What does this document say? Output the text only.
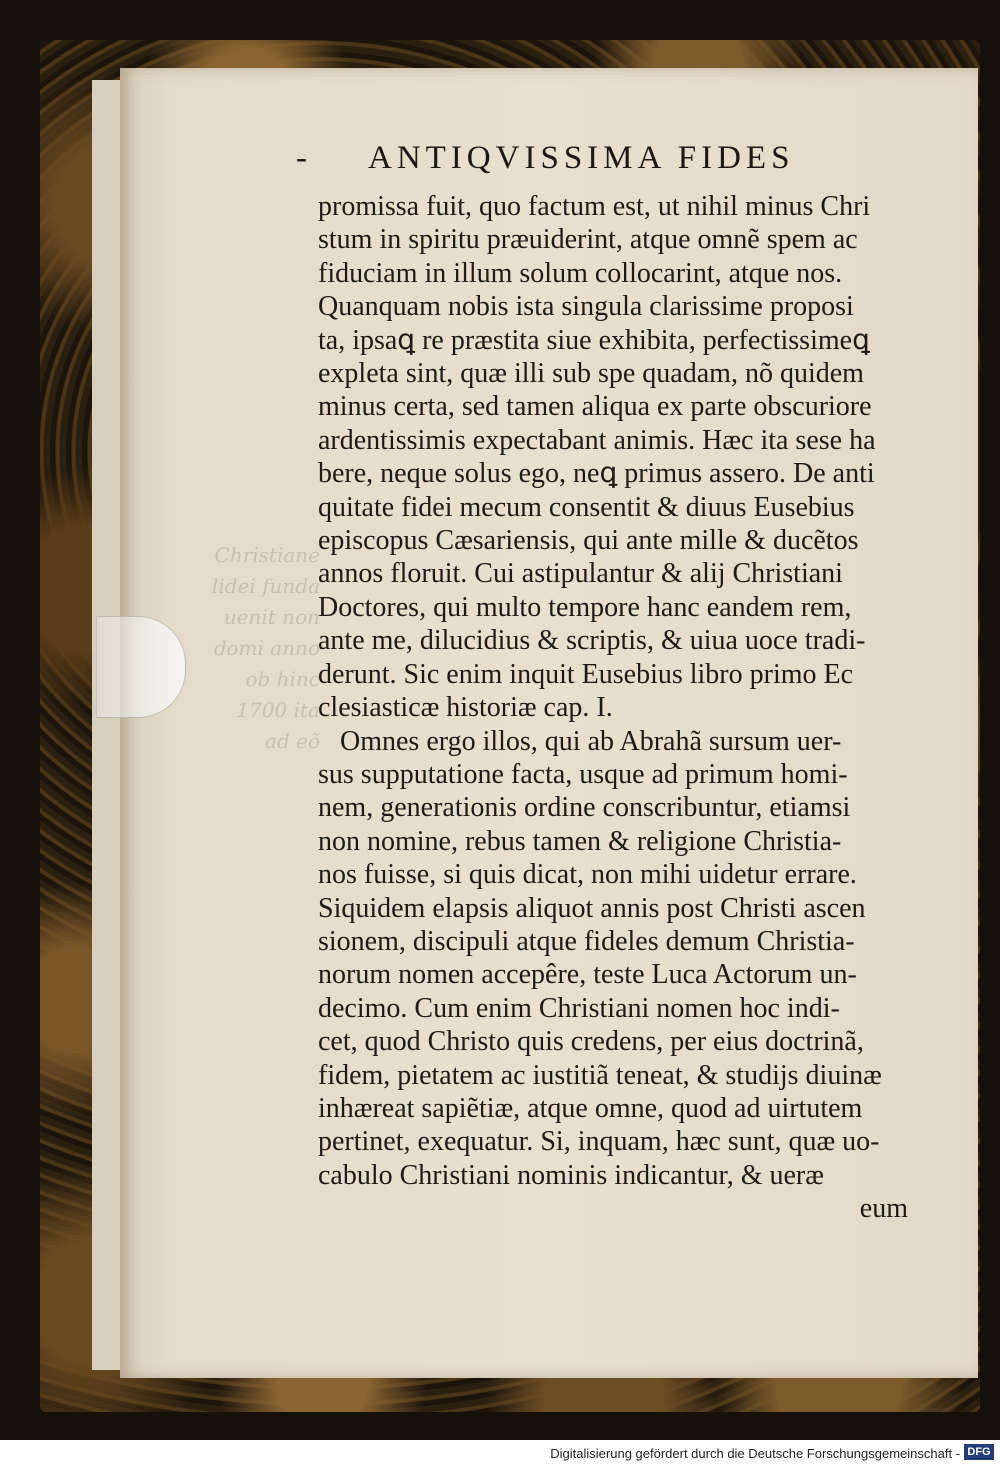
Christiane
lidei funda
uenit non
domi anno
ob hinc
1700 ita
ad eõ
- ANTIQVISSIMA FIDES
promissa fuit, quo factum est, ut nihil minus Chri
stum in spiritu præuiderint, atque omnẽ spem ac
fiduciam in illum solum collocarint, atque nos.
Quanquam nobis ista singula clarissime proposi
ta, ipsaꝗ re præstita siue exhibita, perfectissimeꝗ
expleta sint, quæ illi sub spe quadam, nõ quidem
minus certa, sed tamen aliqua ex parte obscuriore
ardentissimis expectabant animis. Hæc ita sese ha
bere, neque solus ego, neꝗ primus assero. De anti
quitate fidei mecum consentit & diuus Eusebius
episcopus Cæsariensis, qui ante mille & ducẽtos
annos floruit. Cui astipulantur & alij Christiani
Doctores, qui multo tempore hanc eandem rem,
ante me, dilucidius & scriptis, & uiua uoce tradi-
derunt. Sic enim inquit Eusebius libro primo Ec
clesiasticæ historiæ cap. I.
Omnes ergo illos, qui ab Abrahã sursum uer-
sus supputatione facta, usque ad primum homi-
nem, generationis ordine conscribuntur, etiamsi
non nomine, rebus tamen & religione Christia-
nos fuisse, si quis dicat, non mihi uidetur errare.
Siquidem elapsis aliquot annis post Christi ascen
sionem, discipuli atque fideles demum Christia-
norum nomen accepêre, teste Luca Actorum un-
decimo. Cum enim Christiani nomen hoc indi-
cet, quod Christo quis credens, per eius doctrinã,
fidem, pietatem ac iustitiã teneat, & studijs diuinæ
inhæreat sapiẽtiæ, atque omne, quod ad uirtutem
pertinet, exequatur. Si, inquam, hæc sunt, quæ uo-
cabulo Christiani nominis indicantur, & ueræ
eum
Digitalisierung gefördert durch die Deutsche Forschungsgemeinschaft - DFG
